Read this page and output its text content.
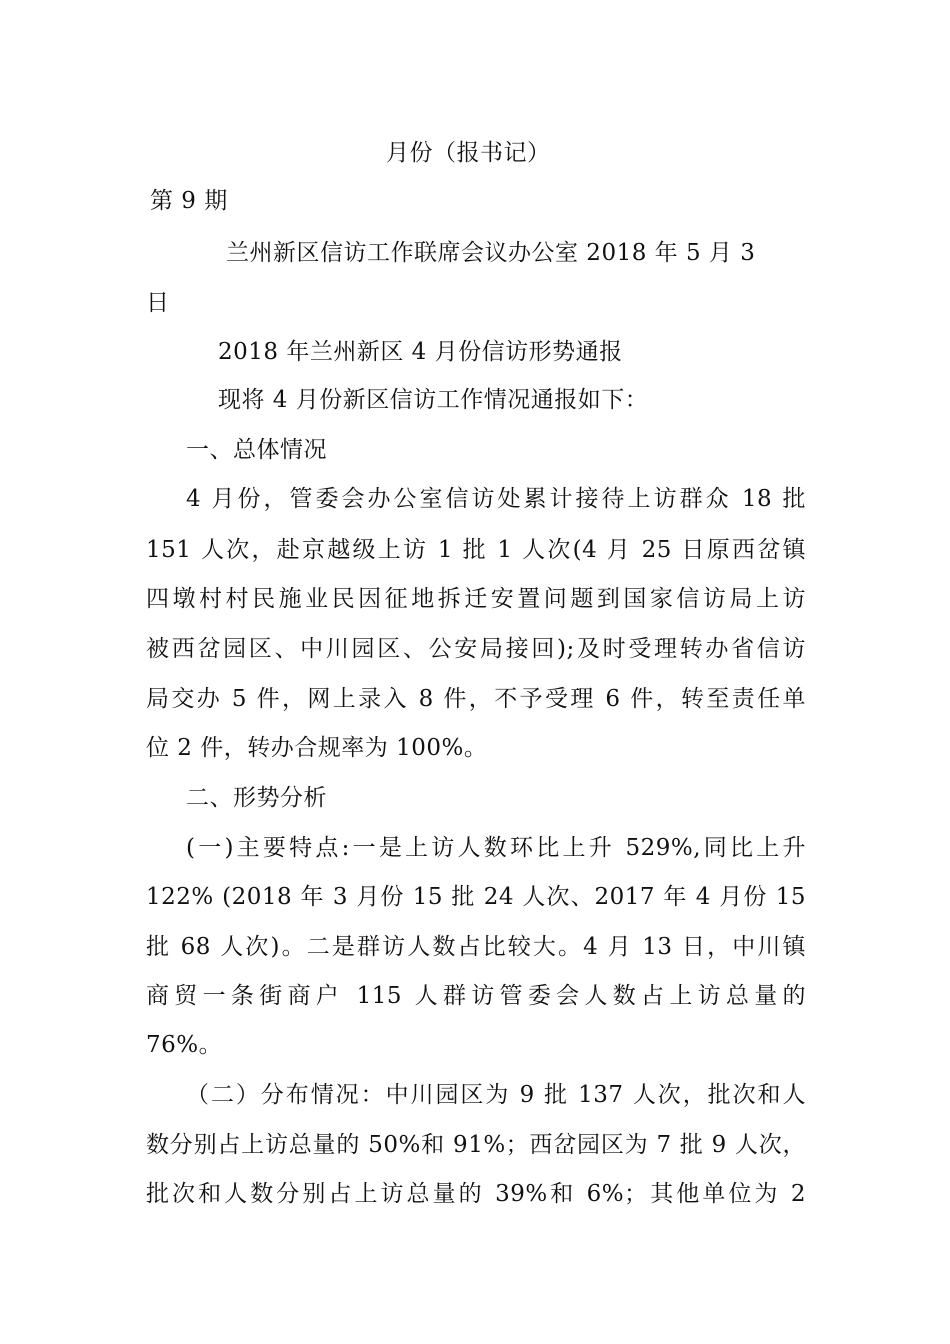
月份（报书记）
第 9 期
兰州新区信访工作联席会议办公室 2018 年 5 月 3
日
2018 年兰州新区 4 月份信访形势通报
现将 4 月份新区信访工作情况通报如下：
一、总体情况
4 月份，管委会办公室信访处累计接待上访群众 18 批
151 人次，赴京越级上访 1 批 1 人次(4 月 25 日原西岔镇
四墩村村民施业民因征地拆迁安置问题到国家信访局上访
被西岔园区、中川园区、公安局接回);及时受理转办省信访
局交办 5 件，网上录入 8 件，不予受理 6 件，转至责任单
位 2 件，转办合规率为 100%。
二、形势分析
(一)主要特点:一是上访人数环比上升 529%,同比上升
122% (2018 年 3 月份 15 批 24 人次、2017 年 4 月份 15
批 68 人次)。二是群访人数占比较大。4 月 13 日，中川镇
商贸一条街商户 115 人群访管委会人数占上访总量的
76%。
（二）分布情况：中川园区为 9 批 137 人次，批次和人
数分别占上访总量的 50%和 91%；西岔园区为 7 批 9 人次，
批次和人数分别占上访总量的 39%和 6%；其他单位为 2
